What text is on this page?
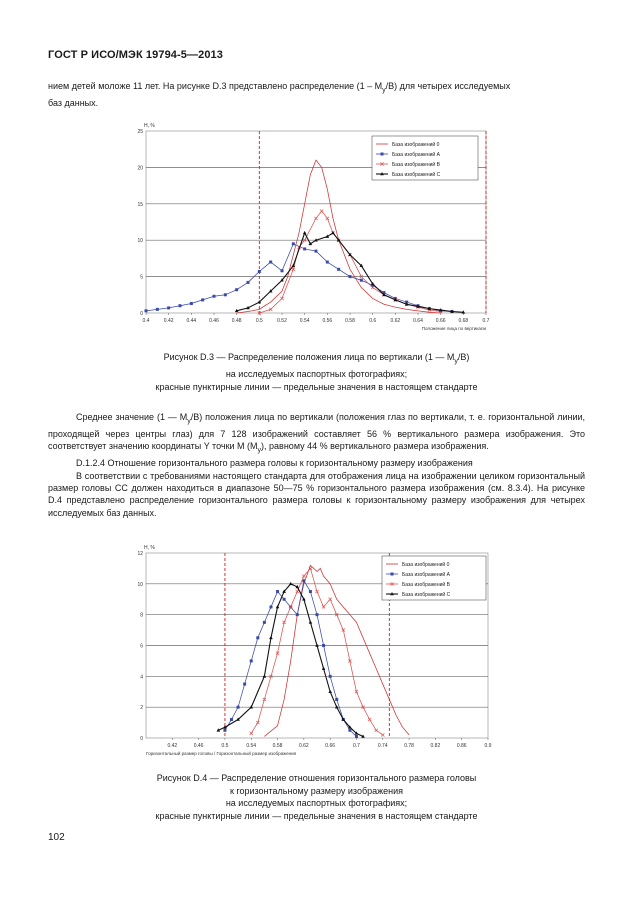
ГОСТ Р ИСО/МЭК 19794-5—2013

нием детей моложе 11 лет. На рисунке D.3 представлено распределение $(1 - M_y/B)$ для четырех исследуемых

баз данных.

0
5
10
15
20
25
0.4	0.42	0.44	0.46	0.48	0.5	0.52	0.54	0.56	0.58	0.6	0.62	0.64	0.66	0.68	0.7
Н, %
Положение лица по вертикали
База изображений 0
База изображений А
База изображений В
База изображений С
Рисунок D.3 — Распределение положения лица по вертикали (1 — $M_y/B$)
на исследуемых паспортных фотографиях;
красные пунктирные линии — предельные значения в настоящем стандарте

Среднее значение (1 — $M_y/B$) положения лица по вертикали (положения глаз по вертикали, т. е. горизонтальной линии, проходящей через центры глаз) для 7 128 изображений составляет 56 % вертикального размера изображения. Это соответствует значению координаты Y точки M $(M_y)$, равному 44 % вертикального размера изображения.

D.1.2.4 Отношение горизонтального размера головы к горизонтальному размеру изображения

В соответствии с требованиями настоящего стандарта для отображения лица на изображении целиком горизонтальный размер головы CC должен находиться в диапазоне 50—75 % горизонтального размера изображения (см. 8.3.4). На рисунке D.4 представлено распределение горизонтального размера головы к горизонтальному размеру изображения для четырех исследуемых баз данных.

0
2
4
6
8
10
12
0.42	0.46	0.5	0.54	0.58	0.62	0.66	0.7	0.74	0.78	0.82	0.86	0.9
Н, %
Горизонтальный размер головы / Горизонтальный размер изображения
База изображений 0
База изображений А
База изображений В
База изображений С
Рисунок D.4 — Распределение отношения горизонтального размера головы
к горизонтальному размеру изображения
на исследуемых паспортных фотографиях;
красные пунктирные линии — предельные значения в настоящем стандарте
102
